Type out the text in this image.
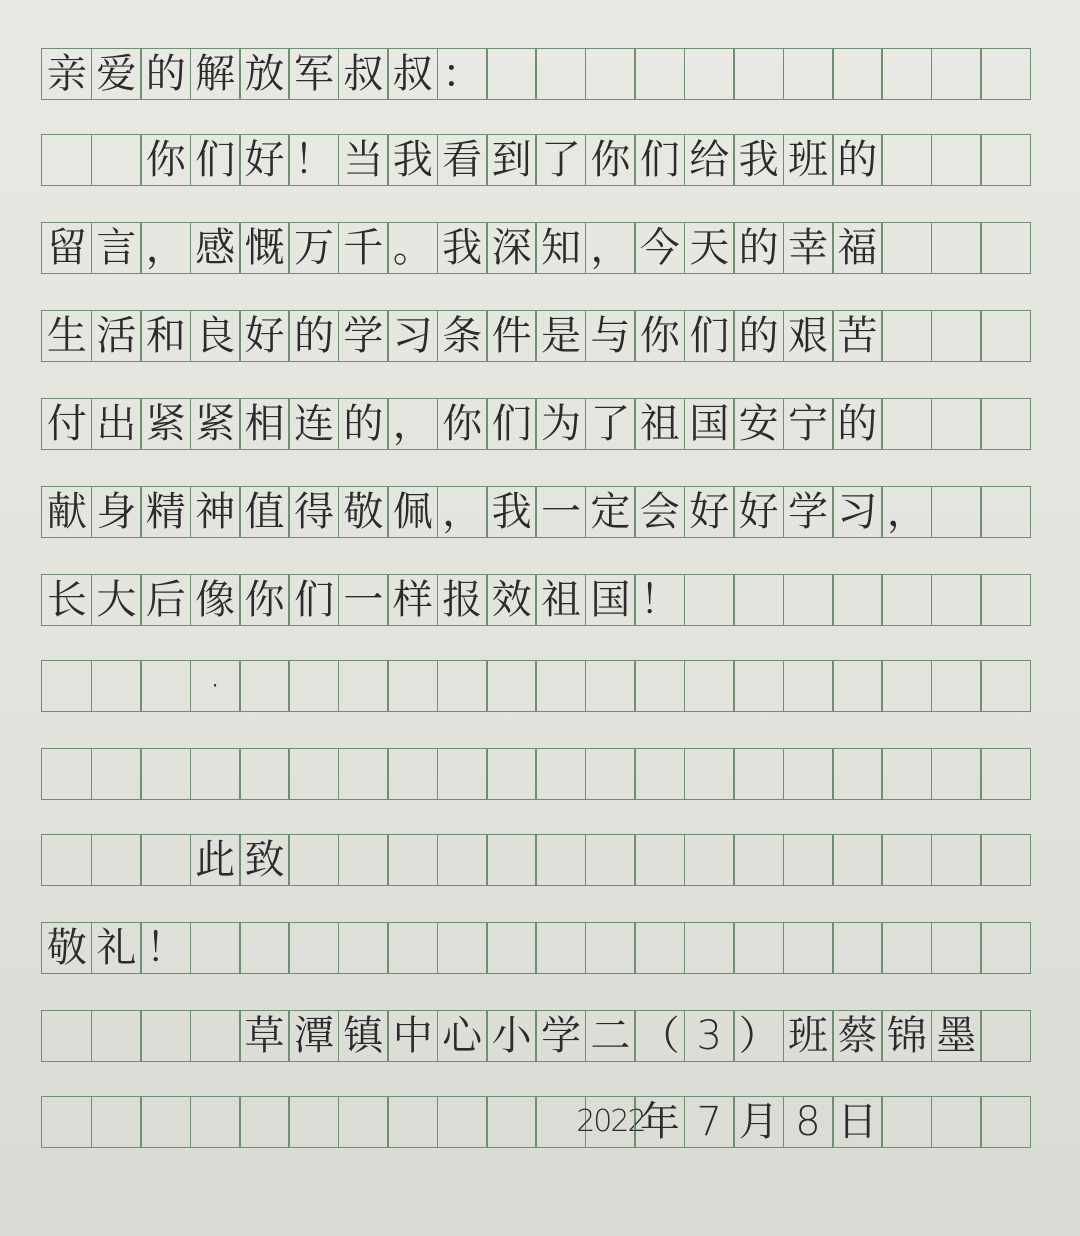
亲 爱 的 解 放 军 叔 叔 ：
你 们 好 ！ 当 我 看 到 了 你 们 给 我 班 的
留 言 ， 感 慨 万 千 。 我 深 知 ， 今 天 的 幸 福
生 活 和 良 好 的 学 习 条 件 是 与 你 们 的 艰 苦
付 出 紧 紧 相 连 的 ， 你 们 为 了 祖 国 安 宁 的
献 身 精 神 值 得 敬 佩 ， 我 一 定 会 好 好 学 习 ，
长 大 后 像 你 们 一 样 报 效 祖 国 ！
·
此 致
敬 礼 ！
草 潭 镇 中 心 小 学 二 （ 3 ） 班 蔡 锦 墨
2022
年 7 月 8 日
